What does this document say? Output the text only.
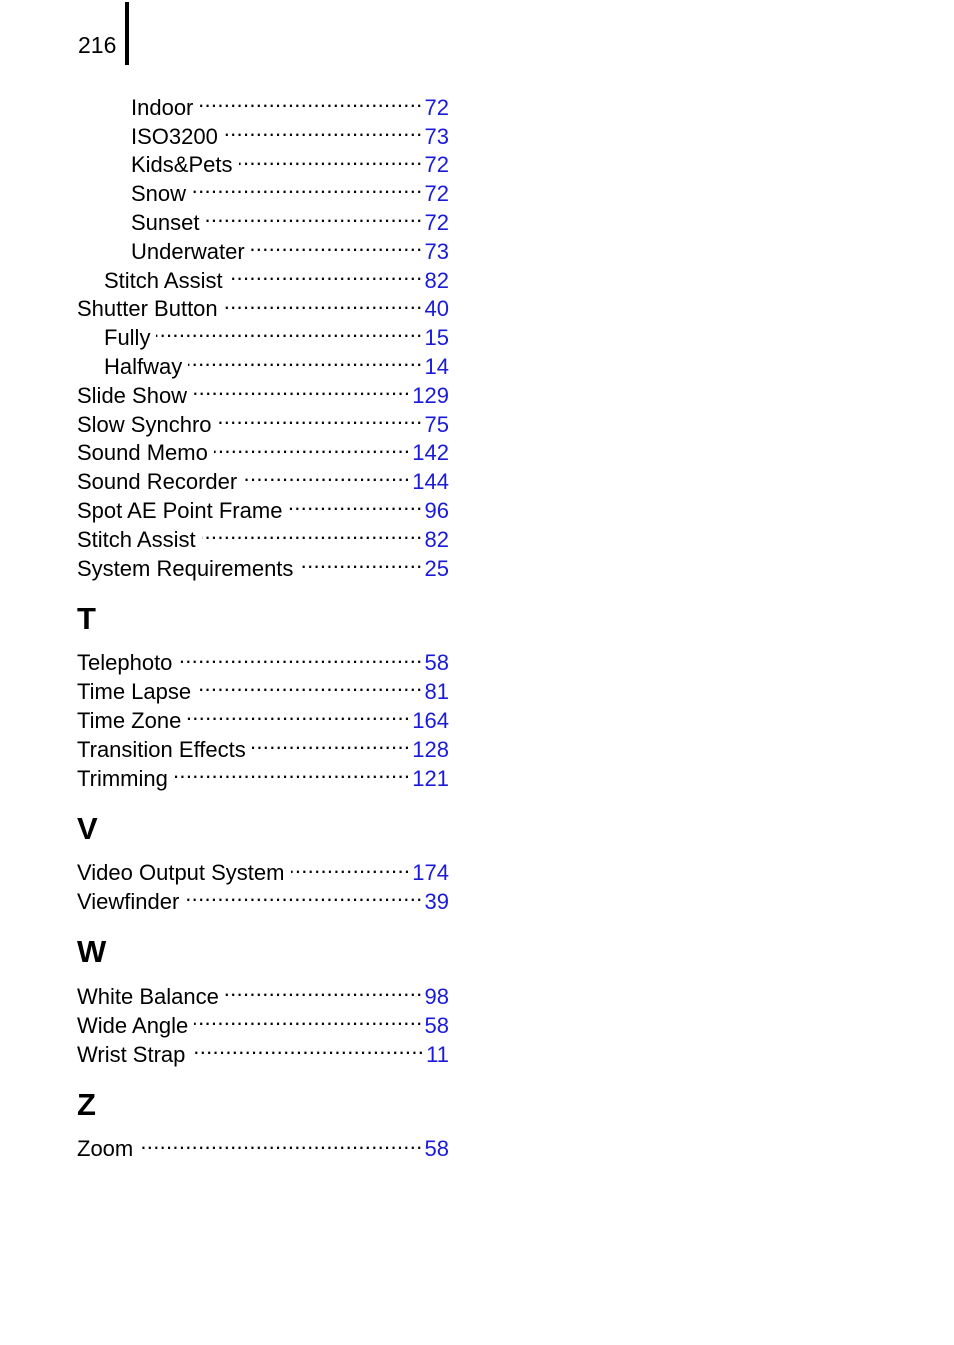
216
Indoor .....	72
ISO3200 .....	73
Kids&Pets .....	72
Snow .....	72
Sunset .....	72
Underwater .....	73
Stitch Assist .....	82
Shutter Button .....	40
Fully .....	15
Halfway .....	14
Slide Show .....	129
Slow Synchro .....	75
Sound Memo .....	142
Sound Recorder .....	144
Spot AE Point Frame .....	96
Stitch Assist .....	82
System Requirements .....	25
T
Telephoto .....	58
Time Lapse .....	81
Time Zone .....	164
Transition Effects .....	128
Trimming .....	121
V
Video Output System .....	174
Viewfinder .....	39
W
White Balance .....	98
Wide Angle .....	58
Wrist Strap .....	11
Z
Zoom .....	58
